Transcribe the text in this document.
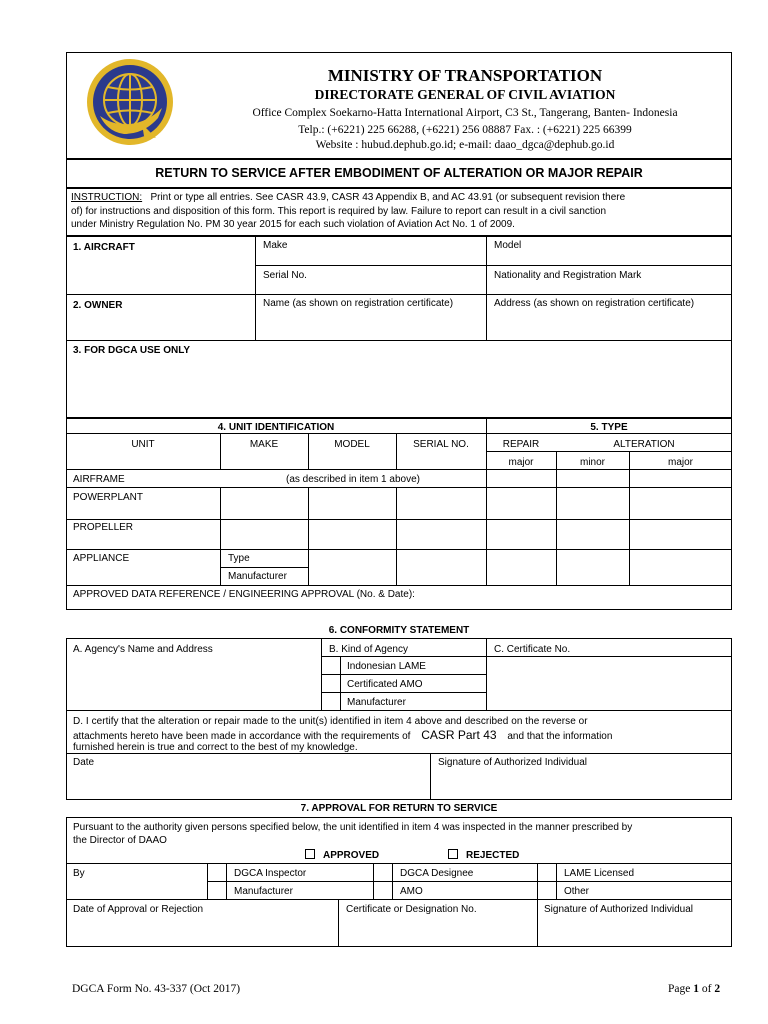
MINISTRY OF TRANSPORTATION
DIRECTORATE GENERAL OF CIVIL AVIATION
Office Complex Soekarno-Hatta International Airport, C3 St., Tangerang, Banten- Indonesia
Telp.: (+6221) 225 66288, (+6221) 256 08887 Fax. : (+6221) 225 66399
Website : hubud.dephub.go.id; e-mail: daao_dgca@dephub.go.id
RETURN TO SERVICE AFTER EMBODIMENT OF ALTERATION OR MAJOR REPAIR
INSTRUCTION: Print or type all entries. See CASR 43.9, CASR 43 Appendix B, and AC 43.91 (or subsequent revision there
of) for instructions and disposition of this form. This report is required by law. Failure to report can result in a civil sanction
under Ministry Regulation No. PM 30 year 2015 for each such violation of Aviation Act No. 1 of 2009.
1. AIRCRAFT	Make	Model
Serial No.	Nationality and Registration Mark
2. OWNER	Name (as shown on registration certificate)	Address (as shown on registration certificate)
3. FOR DGCA USE ONLY
4. UNIT IDENTIFICATION	5. TYPE
UNIT	MAKE	MODEL	SERIAL NO.	REPAIR	ALTERATION
major	minor	major
AIRFRAME	(as described in item 1 above)
POWERPLANT
PROPELLER
APPLIANCE	Type
Manufacturer
APPROVED DATA REFERENCE / ENGINEERING APPROVAL (No. & Date):
6. CONFORMITY STATEMENT
A. Agency's Name and Address	B. Kind of Agency	C. Certificate No.
Indonesian LAME
Certificated AMO
Manufacturer
D. I certify that the alteration or repair made to the unit(s) identified in item 4 above and described on the reverse or
attachments hereto have been made in accordance with the requirements of CASR Part 43 and that the information
furnished herein is true and correct to the best of my knowledge.
Date	Signature of Authorized Individual
7. APPROVAL FOR RETURN TO SERVICE
Pursuant to the authority given persons specified below, the unit identified in item 4 was inspected in the manner prescribed by
the Director of DAAO
APPROVED	REJECTED
By	DGCA Inspector	DGCA Designee	LAME Licensed
Manufacturer	AMO	Other
Date of Approval or Rejection	Certificate or Designation No.	Signature of Authorized Individual
DGCA Form No. 43-337 (Oct 2017)	Page 1 of 2
